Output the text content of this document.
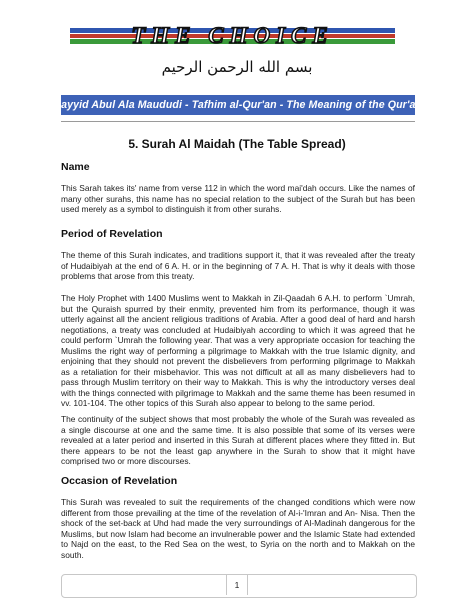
THE CHOICE
بسم الله الرحمن الرحيم
Sayyid Abul Ala Maududi - Tafhim al-Qur'an - The Meaning of the Qur'an
5. Surah Al Maidah (The Table Spread)
Name

This Sarah takes its' name from verse 112 in which the word mai'dah occurs. Like the names of many other surahs, this name has no special relation to the subject of the Surah but has been used merely as a symbol to distinguish it from other surahs.

Period of Revelation

The theme of this Surah indicates, and traditions support it, that it was revealed after the treaty of Hudaibiyah at the end of 6 A. H. or in the beginning of 7 A. H. That is why it deals with those problems that arose from this treaty.

The Holy Prophet with 1400 Muslims went to Makkah in Zil-Qaadah 6 A.H. to perform `Umrah, but the Quraish spurred by their enmity, prevented him from its performance, though it was utterly against all the ancient religious traditions of Arabia. After a good deal of hard and harsh negotiations, a treaty was concluded at Hudaibiyah according to which it was agreed that he could perform `Umrah the following year. That was a very appropriate occasion for teaching the Muslims the right way of performing a pilgrimage to Makkah with the true Islamic dignity, and enjoining that they should not prevent the disbelievers from performing pilgrimage to Makkah as a retaliation for their misbehavior. This was not difficult at all as many disbelievers had to pass through Muslim territory on their way to Makkah. This is why the introductory verses deal with the things connected with pilgrimage to Makkah and the same theme has been resumed in vv. 101-104. The other topics of this Surah also appear to belong to the same period.

The continuity of the subject shows that most probably the whole of the Surah was revealed as a single discourse at one and the same time. It is also possible that some of its verses were revealed at a later period and inserted in this Surah at different places where they fitted in. But there appears to be not the least gap anywhere in the Surah to show that it might have comprised two or more discourses.

Occasion of Revelation

This Surah was revealed to suit the requirements of the changed conditions which were now different from those prevailing at the time of the revelation of Al-i-'Imran and An- Nisa. Then the shock of the set-back at Uhd had made the very surroundings of Al-Madinah dangerous for the Muslims, but now Islam had become an invulnerable power and the Islamic State had extended to Najd on the east, to the Red Sea on the west, to Syria on the north and to Makkah on the south.

1
